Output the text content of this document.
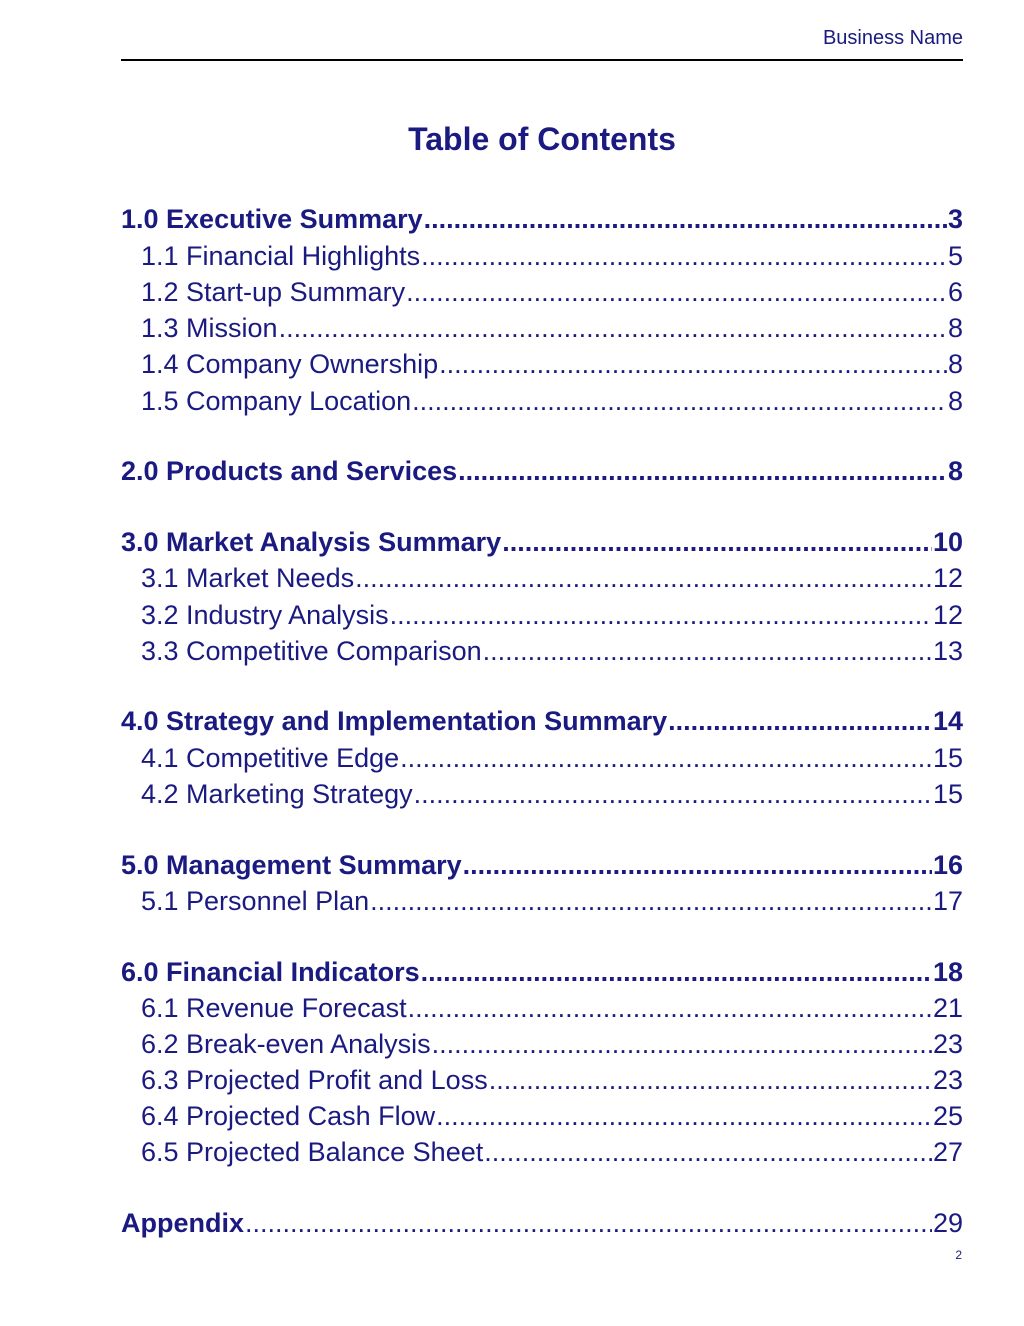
Business Name
Table of Contents
1.0 Executive Summary .....	3
1.1 Financial Highlights .....	5
1.2 Start-up Summary .....	6
1.3 Mission .....	8
1.4 Company Ownership .....	8
1.5 Company Location .....	8
2.0 Products and Services .....	8
3.0 Market Analysis Summary .....	10
3.1 Market Needs .....	12
3.2 Industry Analysis .....	12
3.3 Competitive Comparison .....	13
4.0 Strategy and Implementation Summary .....	14
4.1 Competitive Edge .....	15
4.2 Marketing Strategy .....	15
5.0 Management Summary .....	16
5.1 Personnel Plan .....	17
6.0 Financial Indicators .....	18
6.1 Revenue Forecast .....	21
6.2 Break-even Analysis .....	23
6.3 Projected Profit and Loss .....	23
6.4 Projected Cash Flow .....	25
6.5 Projected Balance Sheet .....	27
Appendix .....	29
2
